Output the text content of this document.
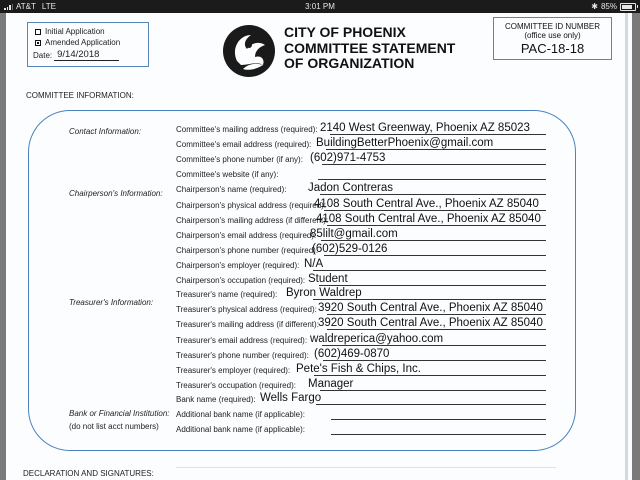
AT&T LTE	3:01 PM	✱ 85%
Initial Application
Amended Application
Date: 9/14/2018
CITY OF PHOENIX
COMMITTEE STATEMENT
OF ORGANIZATION
COMMITTEE ID NUMBER
(office use only)
PAC-18-18
COMMITTEE INFORMATION:
Contact Information:
Chairperson's Information:
Treasurer's Information:
Bank or Financial Institution:
(do not list acct numbers)
Committee's mailing address (required): 2140 West Greenway, Phoenix AZ 85023
Committee's email address (required): BuildingBetterPhoenix@gmail.com
Committee's phone number (if any): (602)971-4753
Committee's website (if any):
Chairperson's name (required): Jadon Contreras
Chairperson's physical address (required):
4108 South Central Ave., Phoenix AZ 85040
Chairperson's mailing address (if different):
4108 South Central Ave., Phoenix AZ 85040
Chairperson's email address (required):
85lilt@gmail.com
Chairperson's phone number (required):
(602)529-0126
Chairperson's employer (required): N/A
Chairperson's occupation (required): Student
Treasurer's name (required): Byron Waldrep
Treasurer's physical address (required): 3920 South Central Ave., Phoenix AZ 85040
Treasurer's mailing address (if different): 3920 South Central Ave., Phoenix AZ 85040
Treasurer's email address (required): waldreperica@yahoo.com
Treasurer's phone number (required): (602)469-0870
Treasurer's employer (required): Pete's Fish & Chips, Inc.
Treasurer's occupation (required): Manager
Bank name (required): Wells Fargo
Additional bank name (if applicable):
Additional bank name (if applicable):
DECLARATION AND SIGNATURES:
